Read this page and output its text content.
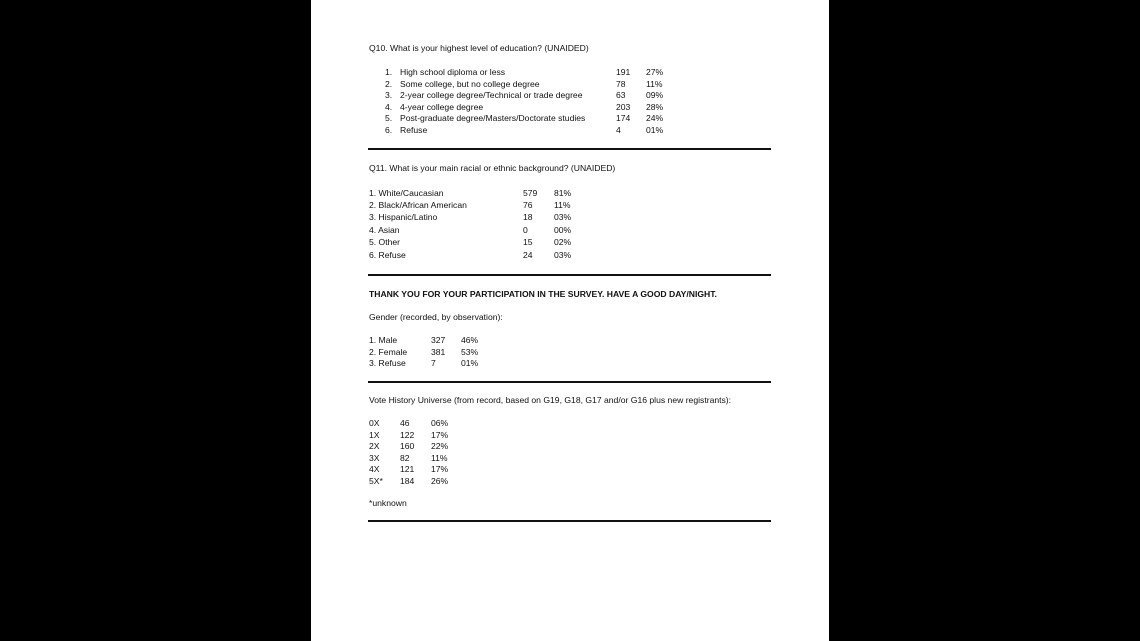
Q10. What is your highest level of education? (UNAIDED)
1. High school diploma or less	191 27%
2. Some college, but no college degree	78 11%
3. 2-year college degree/Technical or trade degree	63 09%
4. 4-year college degree	203 28%
5. Post-graduate degree/Masters/Doctorate studies	174 24%
6. Refuse	4	01%
Q11. What is your main racial or ethnic background? (UNAIDED)
1. White/Caucasian	579 81%
2. Black/African American	76 11%
3. Hispanic/Latino	18 03%
4. Asian	0	00%
5. Other	15 02%
6. Refuse	24 03%
THANK YOU FOR YOUR PARTICIPATION IN THE SURVEY. HAVE A GOOD DAY/NIGHT.
Gender (recorded, by observation):
1. Male	327 46%
2. Female	381 53%
3. Refuse	7	01%
Vote History Universe (from record, based on G19, G18, G17 and/or G16 plus new registrants):
0X 46 06%
1X 122 17%
2X 160 22%
3X 82 11%
4X 121 17%
5X* 184 26%
*unknown
